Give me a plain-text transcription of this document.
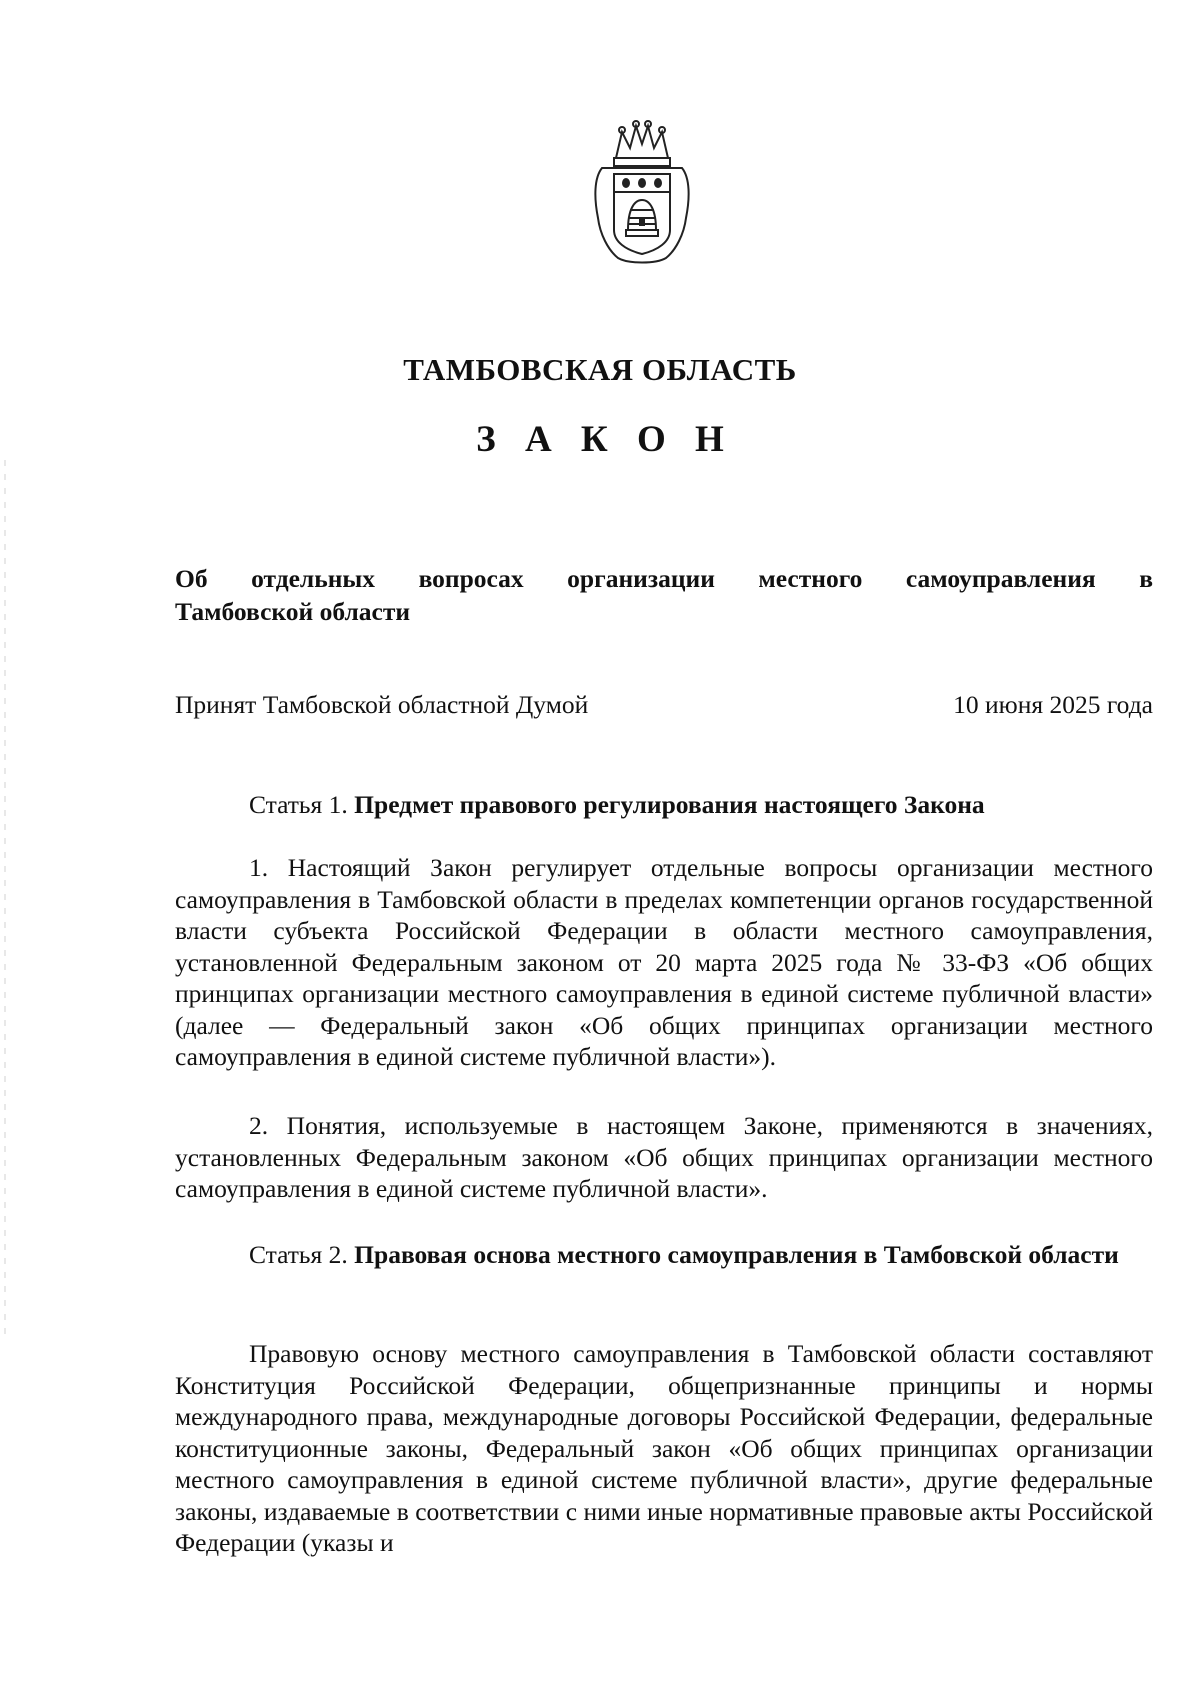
ТАМБОВСКАЯ ОБЛАСТЬ
З А К О Н
Об отдельных вопросах организации местного самоуправления в
Тамбовской области
Принят Тамбовской областной Думой	10 июня 2025 года
Статья 1. Предмет правового регулирования настоящего Закона

1. Настоящий Закон регулирует отдельные вопросы организации местного самоуправления в Тамбовской области в пределах компетенции органов государственной власти субъекта Российской Федерации в области местного самоуправления, установленной Федеральным законом от 20 марта 2025 года № 33-ФЗ «Об общих принципах организации местного самоуправления в единой системе публичной власти» (далее — Федеральный закон «Об общих принципах организации местного самоуправления в единой системе публичной власти»).

2. Понятия, используемые в настоящем Законе, применяются в значениях, установленных Федеральным законом «Об общих принципах организации местного самоуправления в единой системе публичной власти».

Статья 2. Правовая основа местного самоуправления в Тамбовской области

Правовую основу местного самоуправления в Тамбовской области составляют Конституция Российской Федерации, общепризнанные принципы и нормы международного права, международные договоры Российской Федерации, федеральные конституционные законы, Федеральный закон «Об общих принципах организации местного самоуправления в единой системе публичной власти», другие федеральные законы, издаваемые в соответствии с ними иные нормативные правовые акты Российской Федерации (указы и
